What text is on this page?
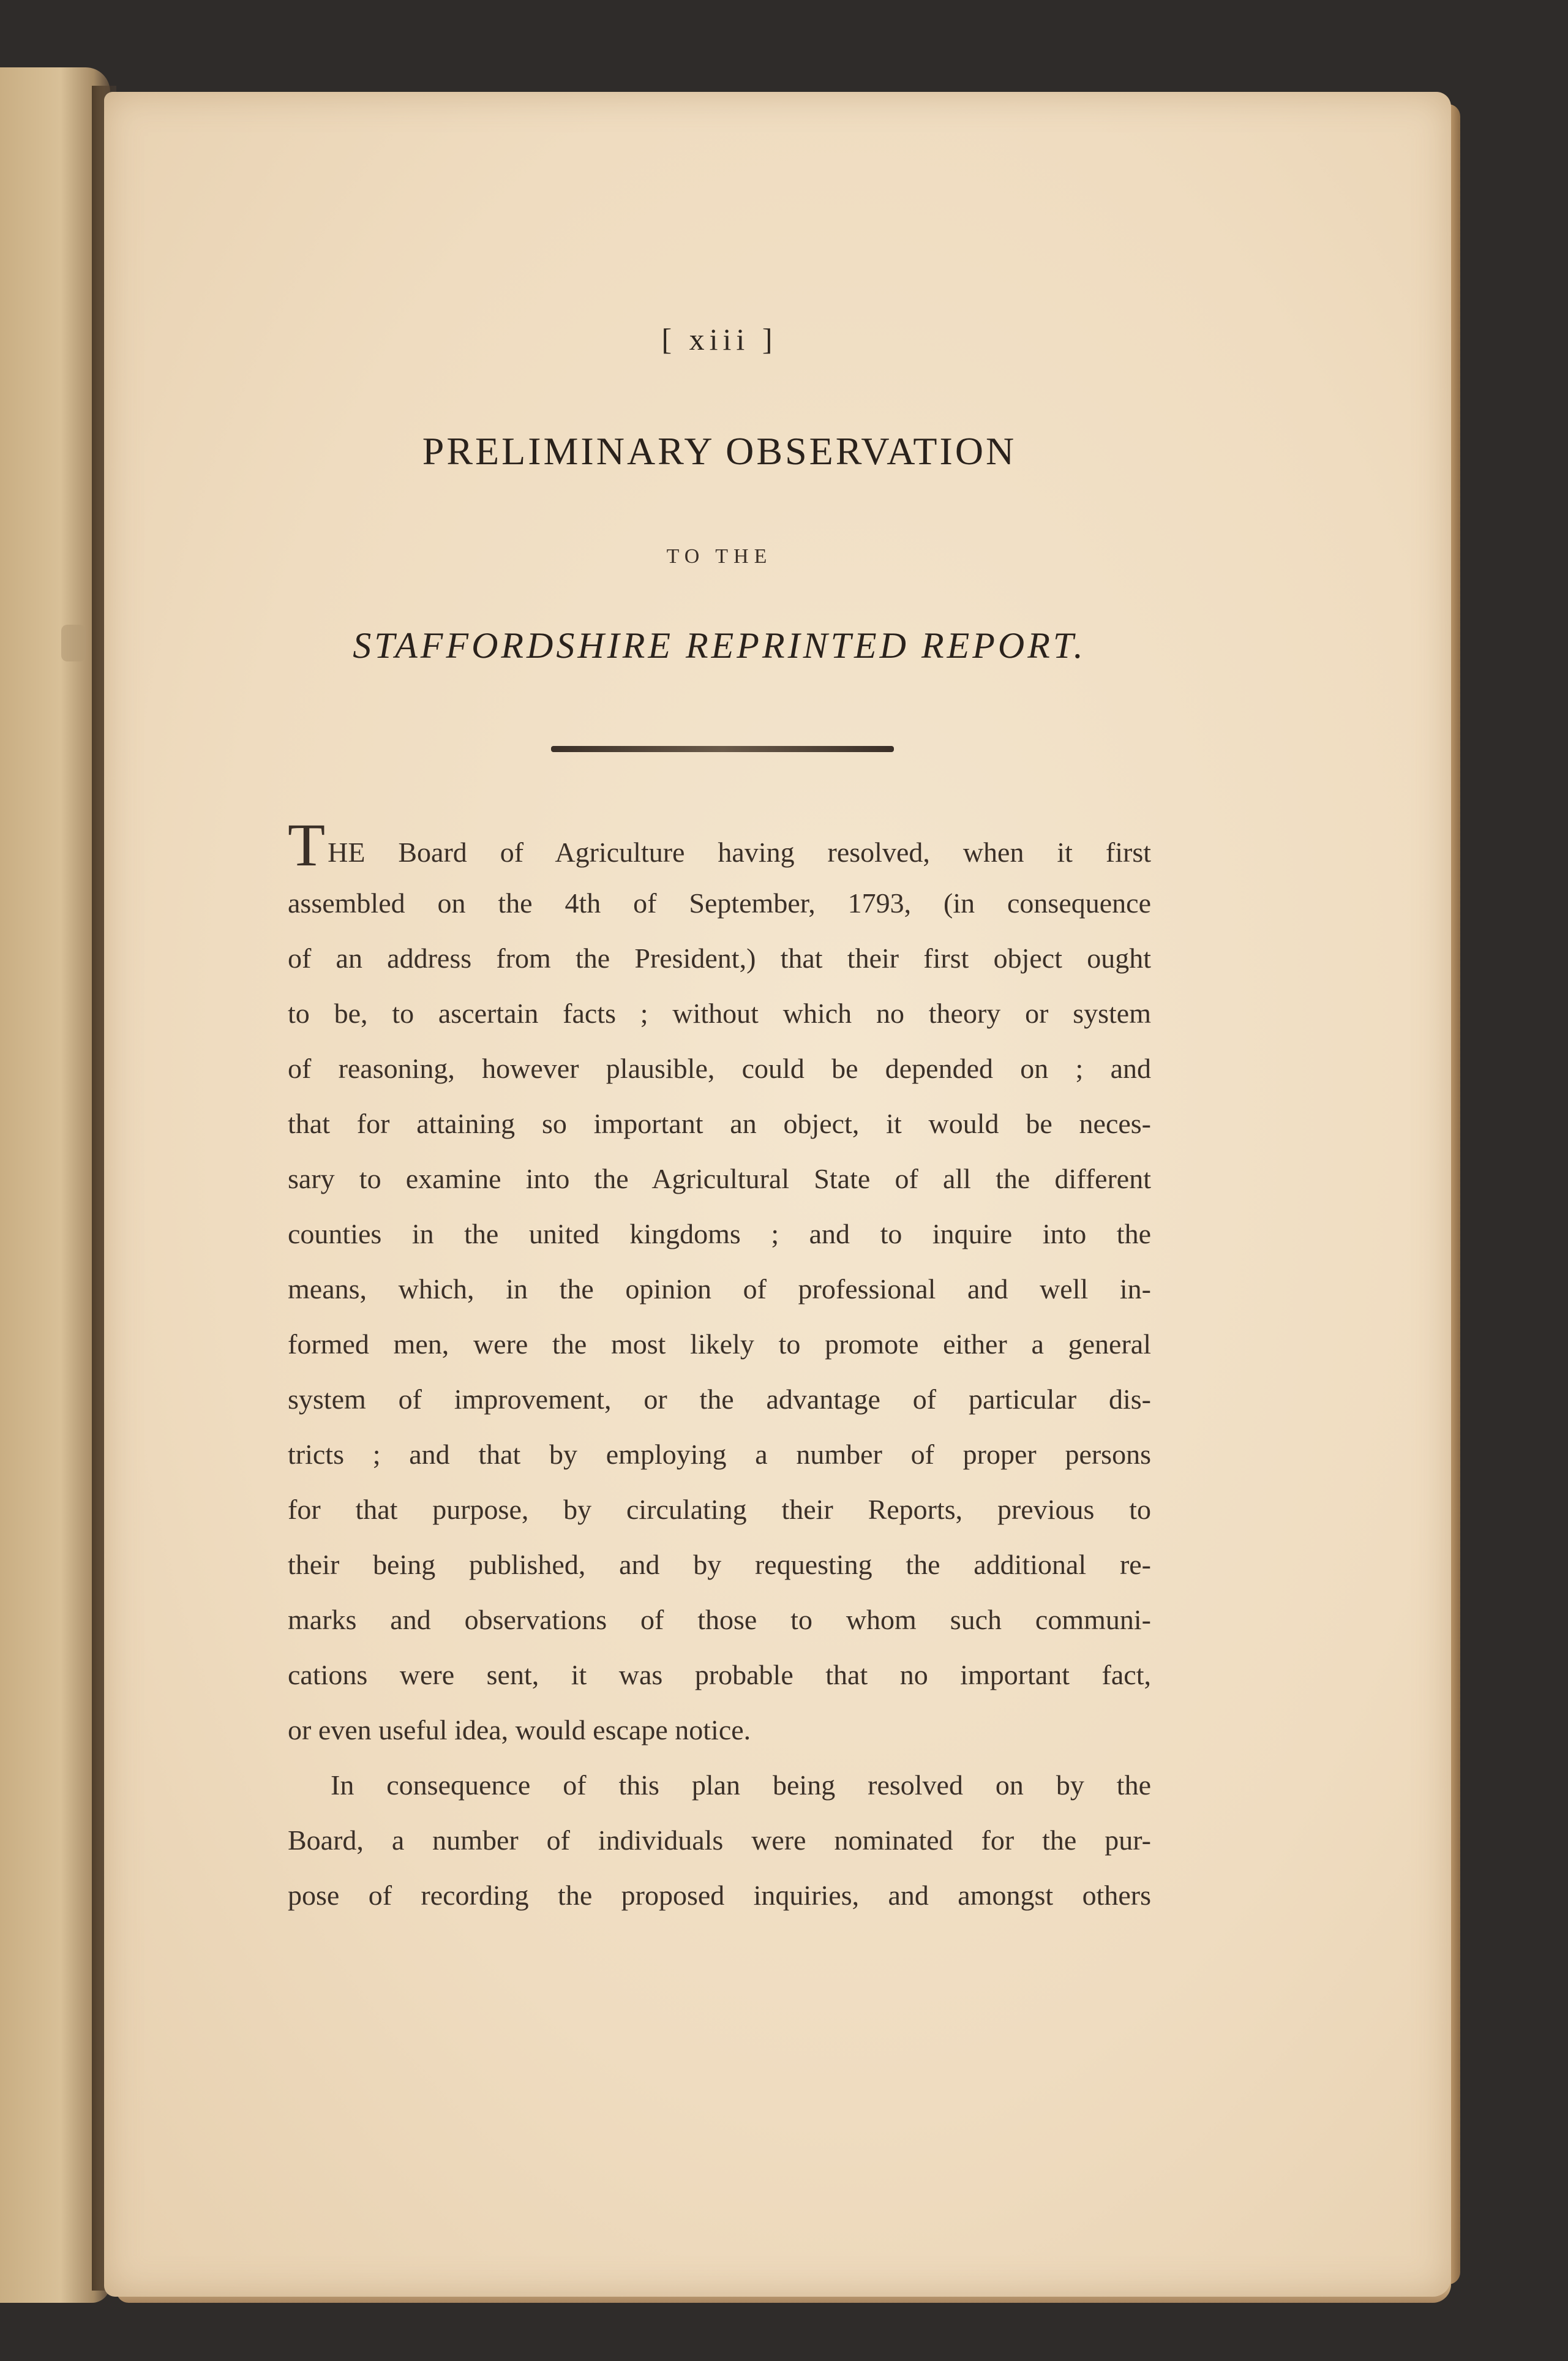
[ xiii ]
PRELIMINARY OBSERVATION
TO THE
STAFFORDSHIRE REPRINTED REPORT.
THE Board of Agriculture having resolved, when it first
assembled on the 4th of September, 1793, (in consequence
of an address from the President,) that their first object ought
to be, to ascertain facts ; without which no theory or system
of reasoning, however plausible, could be depended on ; and
that for attaining so important an object, it would be neces-
sary to examine into the Agricultural State of all the different
counties in the united kingdoms ; and to inquire into the
means, which, in the opinion of professional and well in-
formed men, were the most likely to promote either a general
system of improvement, or the advantage of particular dis-
tricts ; and that by employing a number of proper persons
for that purpose, by circulating their Reports, previous to
their being published, and by requesting the additional re-
marks and observations of those to whom such communi-
cations were sent, it was probable that no important fact,
or even useful idea, would escape notice.
In consequence of this plan being resolved on by the
Board, a number of individuals were nominated for the pur-
pose of recording the proposed inquiries, and amongst others
